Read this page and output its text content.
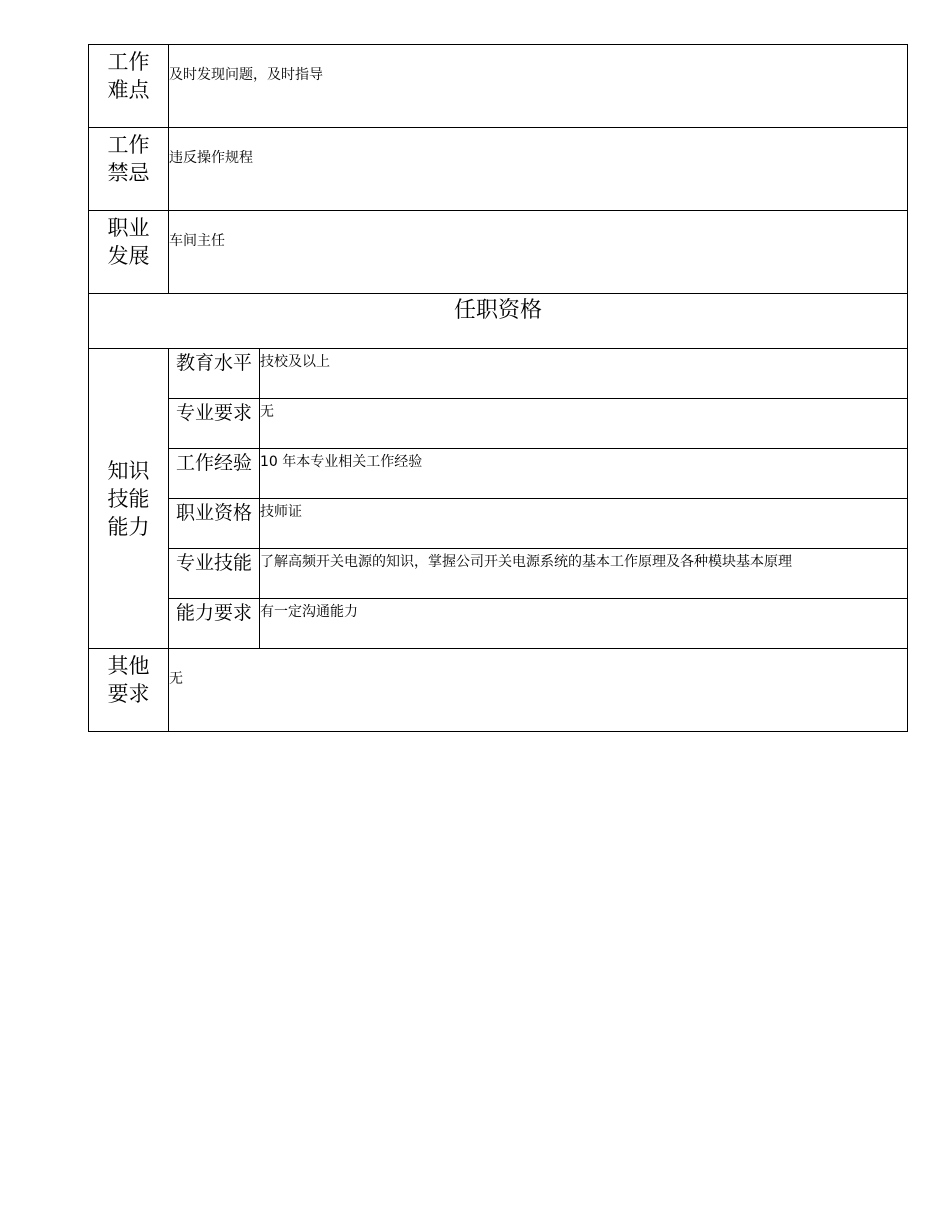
工作
难点	及时发现问题，及时指导	

工作
禁忌	违反操作规程	

职业
发展	车间主任	
任职资格		

知识
技能
能力	教育水平	技校及以上
	专业要求	无
	工作经验	10 年本专业相关工作经验
	职业资格	技师证
	专业技能	了解高频开关电源的知识，掌握公司开关电源系统的基本工作原理及各种模块基本原理
	能力要求	有一定沟通能力

其他
要求	无	
